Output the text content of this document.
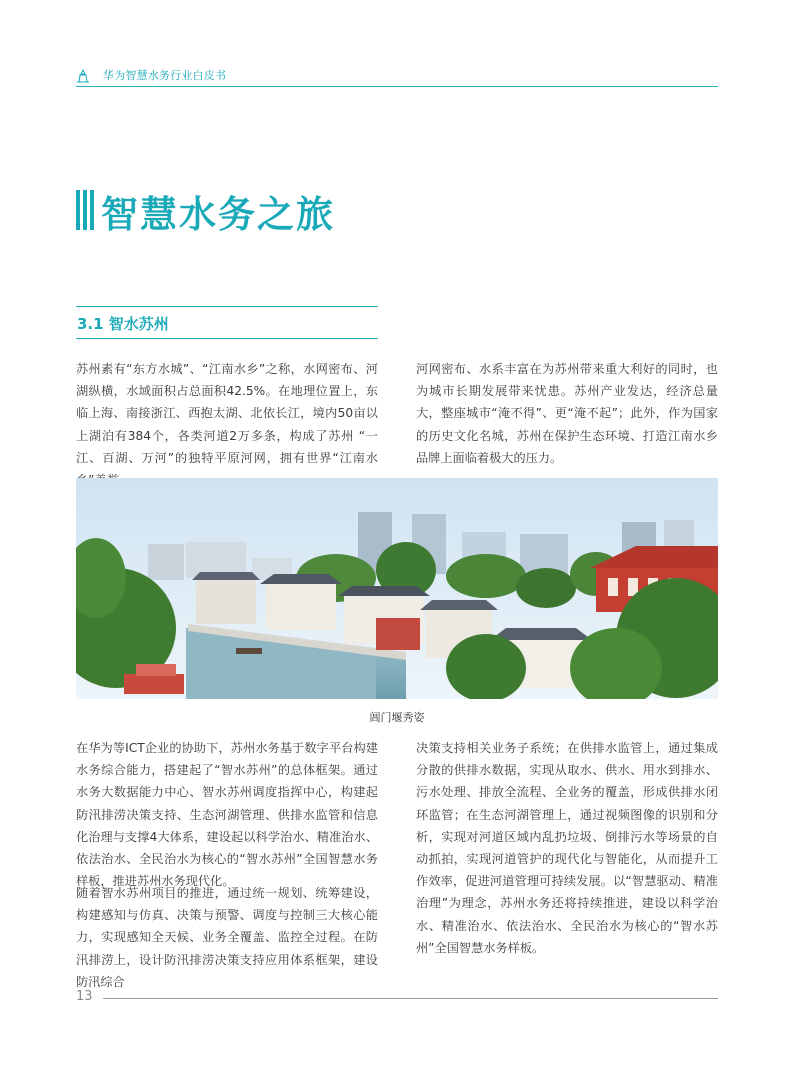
华为智慧水务行业白皮书
智慧水务之旅
3.1 智水苏州
苏州素有“东方水城”、“江南水乡”之称，水网密布、河湖纵横，水域面积占总面积42.5%。在地理位置上，东临上海、南接浙江、西抱太湖、北依长江，境内50亩以上湖泊有384个，各类河道2万多条，构成了苏州 “一江、百湖、万河”的独特平原河网，拥有世界“江南水
河网密布、水系丰富在为苏州带来重大利好的同时，也为城市长期发展带来忧患。苏州产业发达，经济总量大，整座城市“淹不得”、更“淹不起”；此外，作为国家的历史文化名城，苏州在保护生态环境、打造江南水乡品牌上面临着极大的压力。
阊门堰秀姿
在华为等ICT企业的协助下，苏州水务基于数字平台构建水务综合能力，搭建起了“智水苏州”的总体框架。通过水务大数据能力中心、智水苏州调度指挥中心，构建起防汛排涝决策支持、生态河湖管理、供排水监管和信息化治理与支撑4大体系，建设起以科学治水、精准治水、依法治水、全民治水为核心的“智水苏州”全国智慧水务样板，推进苏州水务现代化。
随着智水苏州项目的推进，通过统一规划、统筹建设，构建感知与仿真、决策与预警、调度与控制三大核心能力，实现感知全天候、业务全覆盖、监控全过程。在防汛排涝上，设计防汛排涝决策支持应用体系框架，建设防汛综合
决策支持相关业务子系统；在供排水监管上，通过集成分散的供排水数据，实现从取水、供水、用水到排水、污水处理、排放全流程、全业务的覆盖，形成供排水闭环监管；在生态河湖管理上，通过视频图像的识别和分析，实现对河道区域内乱扔垃圾、倒排污水等场景的自动抓拍，实现河道管护的现代化与智能化，从而提升工作效率，促进河道管理可持续发展。以“智慧驱动、精准治理”为理念，苏州水务还将持续推进，建设以科学治水、精准治水、依法治水、全民治水为核心的“智水苏州”全国智慧水务样板。
13
